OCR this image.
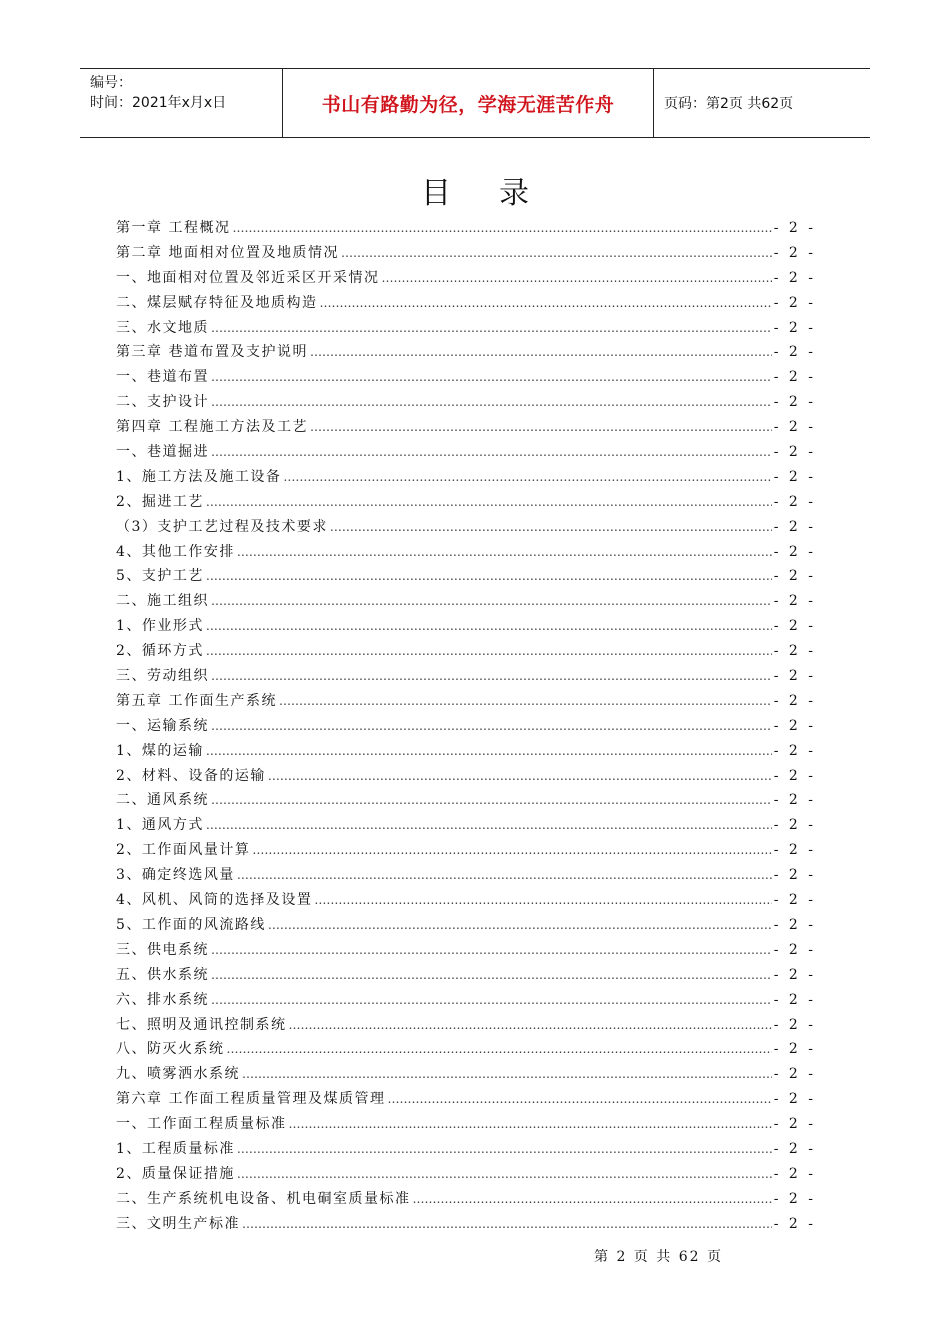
编号：
时间：2021年x月x日	书山有路勤为径，学海无涯苦作舟	页码：第2页 共62页
目录
第一章 工程概况 …………………………………………………………………………………………………………………………………………………………………………………………………………………	- 2 -
第二章 地面相对位置及地质情况 …………………………………………………………………………………………………………………………………………………………………………………………………………………	- 2 -
一、地面相对位置及邻近采区开采情况 …………………………………………………………………………………………………………………………………………………………………………………………………………………	- 2 -
二、煤层赋存特征及地质构造 …………………………………………………………………………………………………………………………………………………………………………………………………………………	- 2 -
三、水文地质 …………………………………………………………………………………………………………………………………………………………………………………………………………………	- 2 -
第三章 巷道布置及支护说明 …………………………………………………………………………………………………………………………………………………………………………………………………………………	- 2 -
一、巷道布置 …………………………………………………………………………………………………………………………………………………………………………………………………………………	- 2 -
二、支护设计 …………………………………………………………………………………………………………………………………………………………………………………………………………………	- 2 -
第四章 工程施工方法及工艺 …………………………………………………………………………………………………………………………………………………………………………………………………………………	- 2 -
一、巷道掘进 …………………………………………………………………………………………………………………………………………………………………………………………………………………	- 2 -
1、施工方法及施工设备 …………………………………………………………………………………………………………………………………………………………………………………………………………………	- 2 -
2、掘进工艺 …………………………………………………………………………………………………………………………………………………………………………………………………………………	- 2 -
（3）支护工艺过程及技术要求 …………………………………………………………………………………………………………………………………………………………………………………………………………………	- 2 -
4、其他工作安排 …………………………………………………………………………………………………………………………………………………………………………………………………………………	- 2 -
5、支护工艺 …………………………………………………………………………………………………………………………………………………………………………………………………………………	- 2 -
二、施工组织 …………………………………………………………………………………………………………………………………………………………………………………………………………………	- 2 -
1、作业形式 …………………………………………………………………………………………………………………………………………………………………………………………………………………	- 2 -
2、循环方式 …………………………………………………………………………………………………………………………………………………………………………………………………………………	- 2 -
三、劳动组织 …………………………………………………………………………………………………………………………………………………………………………………………………………………	- 2 -
第五章 工作面生产系统 …………………………………………………………………………………………………………………………………………………………………………………………………………………	- 2 -
一、运输系统 …………………………………………………………………………………………………………………………………………………………………………………………………………………	- 2 -
1、煤的运输 …………………………………………………………………………………………………………………………………………………………………………………………………………………	- 2 -
2、材料、设备的运输 …………………………………………………………………………………………………………………………………………………………………………………………………………………	- 2 -
二、通风系统 …………………………………………………………………………………………………………………………………………………………………………………………………………………	- 2 -
1、通风方式 …………………………………………………………………………………………………………………………………………………………………………………………………………………	- 2 -
2、工作面风量计算 …………………………………………………………………………………………………………………………………………………………………………………………………………………	- 2 -
3、确定终选风量 …………………………………………………………………………………………………………………………………………………………………………………………………………………	- 2 -
4、风机、风筒的选择及设置 …………………………………………………………………………………………………………………………………………………………………………………………………………………	- 2 -
5、工作面的风流路线 …………………………………………………………………………………………………………………………………………………………………………………………………………………	- 2 -
三、供电系统 …………………………………………………………………………………………………………………………………………………………………………………………………………………	- 2 -
五、供水系统 …………………………………………………………………………………………………………………………………………………………………………………………………………………	- 2 -
六、排水系统 …………………………………………………………………………………………………………………………………………………………………………………………………………………	- 2 -
七、照明及通讯控制系统 …………………………………………………………………………………………………………………………………………………………………………………………………………………	- 2 -
八、防灭火系统 …………………………………………………………………………………………………………………………………………………………………………………………………………………	- 2 -
九、喷雾洒水系统 …………………………………………………………………………………………………………………………………………………………………………………………………………………	- 2 -
第六章 工作面工程质量管理及煤质管理 …………………………………………………………………………………………………………………………………………………………………………………………………………………	- 2 -
一、工作面工程质量标准 …………………………………………………………………………………………………………………………………………………………………………………………………………………	- 2 -
1、工程质量标准 …………………………………………………………………………………………………………………………………………………………………………………………………………………	- 2 -
2、质量保证措施 …………………………………………………………………………………………………………………………………………………………………………………………………………………	- 2 -
二、生产系统机电设备、机电硐室质量标准 …………………………………………………………………………………………………………………………………………………………………………………………………………………	- 2 -
三、文明生产标准 …………………………………………………………………………………………………………………………………………………………………………………………………………………	- 2 -
第 2 页 共 62 页
